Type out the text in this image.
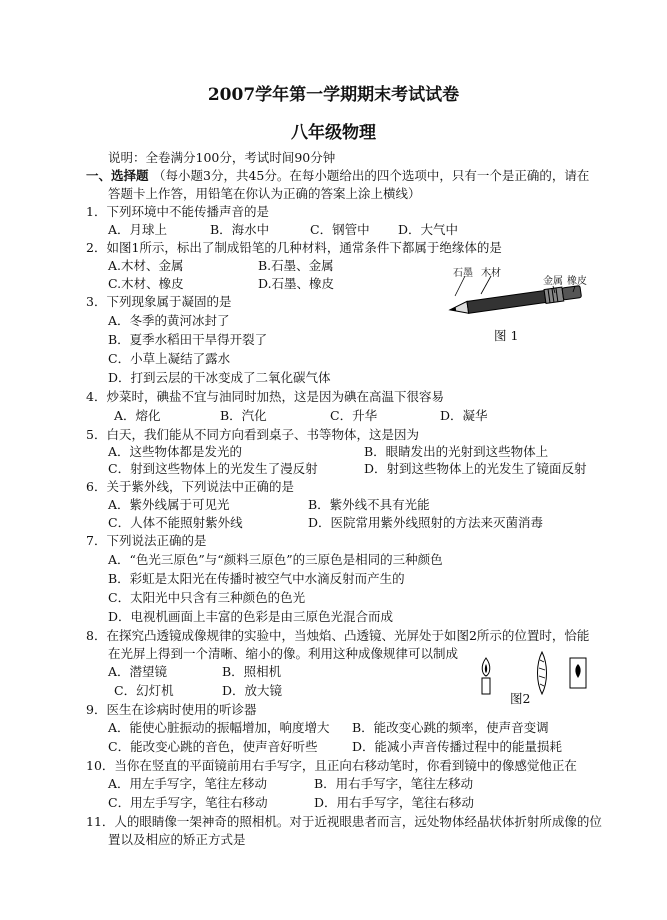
2007学年第一学期期末考试试卷
八年级物理
说明：全卷满分100分，考试时间90分钟
一、选择题 （每小题3分，共45分。在每小题给出的四个选项中，只有一个是正确的，请在
答题卡上作答，用铅笔在你认为正确的答案上涂上横线）
1．下列环境中不能传播声音的是
A．月球上	B．海水中	C．钢管中 D．大气中
2．如图1所示，标出了制成铅笔的几种材料，通常条件下都属于绝缘体的是
A.木材、金属	B.石墨、金属
C.木材、橡皮	D.石墨、橡皮
石墨 木材
金属 橡皮
图 1
3．下列现象属于凝固的是
A．冬季的黄河冰封了
B．夏季水稻田干旱得开裂了
C．小草上凝结了露水
D．打到云层的干冰变成了二氧化碳气体
4．炒菜时，碘盐不宜与油同时加热，这是因为碘在高温下很容易
A．熔化	B．汽化	C．升华	D．凝华
5．白天，我们能从不同方向看到桌子、书等物体，这是因为
A．这些物体都是发光的	B．眼睛发出的光射到这些物体上
C．射到这些物体上的光发生了漫反射	D．射到这些物体上的光发生了镜面反射
6．关于紫外线，下列说法中正确的是
A．紫外线属于可见光	B．紫外线不具有光能
C．人体不能照射紫外线	D．医院常用紫外线照射的方法来灭菌消毒
7．下列说法正确的是
A．“色光三原色”与“颜料三原色”的三原色是相同的三种颜色
B．彩虹是太阳光在传播时被空气中水滴反射而产生的
C．太阳光中只含有三种颜色的色光
D．电视机画面上丰富的色彩是由三原色光混合而成
8．在探究凸透镜成像规律的实验中，当烛焰、凸透镜、光屏处于如图2所示的位置时，恰能
在光屏上得到一个清晰、缩小的像。利用这种成像规律可以制成
A．潜望镜	B．照相机
C．幻灯机	D．放大镜
图2
9．医生在诊病时使用的听诊器
A．能使心脏振动的振幅增加，响度增大 B．能改变心跳的频率，使声音变调
C．能改变心跳的音色，使声音好听些	D．能减小声音传播过程中的能量损耗
10．当你在竖直的平面镜前用右手写字，且正向右移动笔时，你看到镜中的像感觉他正在
A．用左手写字，笔往左移动	B．用右手写字，笔往左移动
C．用左手写字，笔往右移动	D．用右手写字，笔往右移动
11．人的眼睛像一架神奇的照相机。对于近视眼患者而言，远处物体经晶状体折射所成像的位
置以及相应的矫正方式是
